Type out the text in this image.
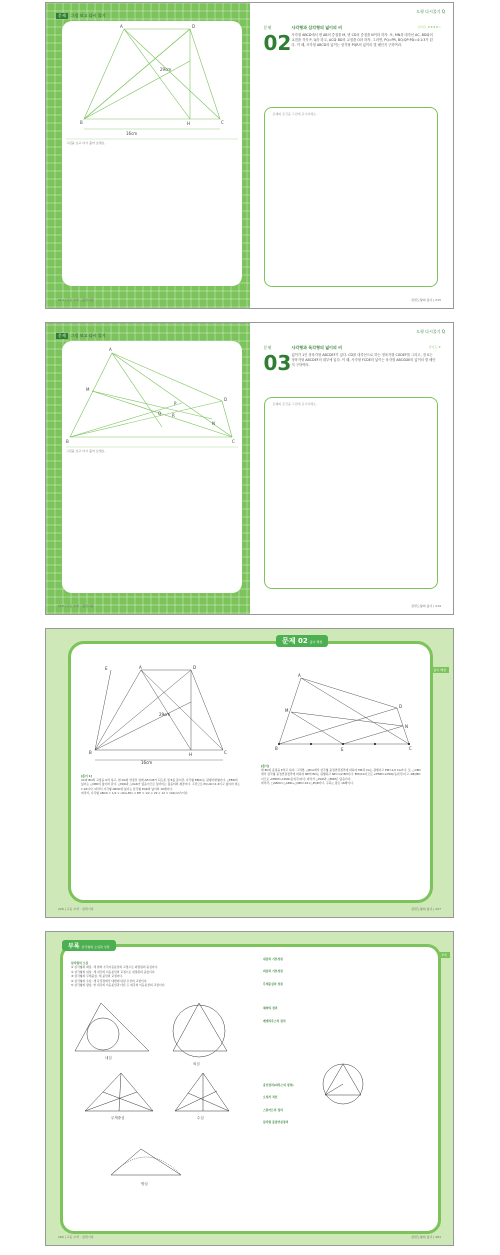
문제	그림 보고 다시 풀기
A	D
B	H	C
29cm
16cm
그림을 보고 다시 풀어 보세요.
214 | 고등 수학 · 평면기하
도형 다시풀기 Q
문제
02
사각형과 삼각형의 넓이의 비	난이도 ★★★★☆
사각형 ABCD에서 변 AB의 중점을 M, 변 CD의 중점을 N이라 하자. 또, MN과 대각선 AC, BD와의 교점을 각각 P, Q라 하고, AC와 BD의 교점을 O라 하자. 그러면, PQ=PR, BQ:QP:PD=4:1:3가 된다. 이 때, 사각형 ABCD의 넓이는 삼각형 PQR의 넓이의 몇 배인지 구하여라.
문제의 조건을 그림에 표시하세요.
평면도형의 넓이 | 215
문제	그림 보고 다시 풀기
A
D
B	C
M
N
P
Q	R
그림을 보고 다시 풀어 보세요.
218 | 고등 수학 · 평면기하
도형 다시풀기 Q
문제
03
사각형과 육각형의 넓이의 비	난이도 ★
넓이가 1인 정육각형 ABCDEF가 있다. CD를 대각선으로 하는 정육각형 CGDEF를 그리고, 점 G는 정육각형 ABCDEF의 내부에 있다. 이 때, 사각형 FCDE의 넓이는 육각형 ABCGDE의 넓이의 몇 배인지 구하여라.
문제의 조건을 그림에 표시하세요.
평면도형의 넓이 | 219
E	A	D
B	H	C
29cm
16cm
A
D
B	E	C
M
N
[풀이 1]
AC와 BD의 교점을 O라 하고, 변 DA의 연장선 위에 AE=CB가 되도록 점 E를 잡으면, 사각형 EBCD는 평행사변형이다. △EBD의 넓이는 △CBD의 넓이와 같다. △PQR과 △OAD가 닮음이므로 넓이비는 닮음비의 제곱이다. 그러므로 PQ:AD=1:4이고 넓이의 비는 1:16이다. 따라서 사각형 ABCD의 넓이는 삼각형 PQR의 넓이의 16배이다.
따라서, 사각형 ABCD = 1/2 × (AD+BC) × BH = 1/2 × 29 × 12 = 104(cm²)이다.
[풀이]
변 BC의 중점을 E라고 하자. 그러면, △BCA에서 삼각형 중점연결정리에 의하여 EM과 CA는 평행이고 EM=1/2 CA이다. 또, △CBD에서 삼각형 중점연결정리에 의하여 NE와 BD는 평행하고 NE=1/2 BD이다. EM//CA이므로 ∠EMN=∠PRQ(동위각)이고, NE//BD이므로 ∠ENM=∠PQR(동위각)이다. 따라서 △PQR과 △ENM은 닮음이다.
따라서, □ABCD=△ABD+△CBD=16×△PQR이다. 구하는 답은 16배이다.
문제 02 풀이 해설
풀이 해설
226 | 고등 수학 · 평면기하	평면도형의 넓이 | 227
삼각형의 오심
① 삼각형의 외심: 세 변의 수직이등분선의 교점으로 외접원의 중심이다.
② 삼각형의 내심: 세 내각의 이등분선의 교점으로 내접원의 중심이다.
③ 삼각형의 무게중심: 세 중선의 교점이다.
④ 삼각형의 수심: 세 꼭짓점에서 대변에 내린 수선의 교점이다.
⑤ 삼각형의 방심: 한 내각의 이등분선과 다른 두 외각의 이등분선의 교점이다.
내심
외심
무게중심	수심
방심
내심의 기본성질
외심의 기본성질
무게중심의 성질
체바의 정리
메넬라우스의 정리
중선정리(파푸스의 정리)
오일러 직선
스튜어트의 정리
삼각형 중점연결정리
부록 삼각형의 오심과 성질
부록
260 | 고등 수학 · 평면기하	평면도형의 넓이 | 261
